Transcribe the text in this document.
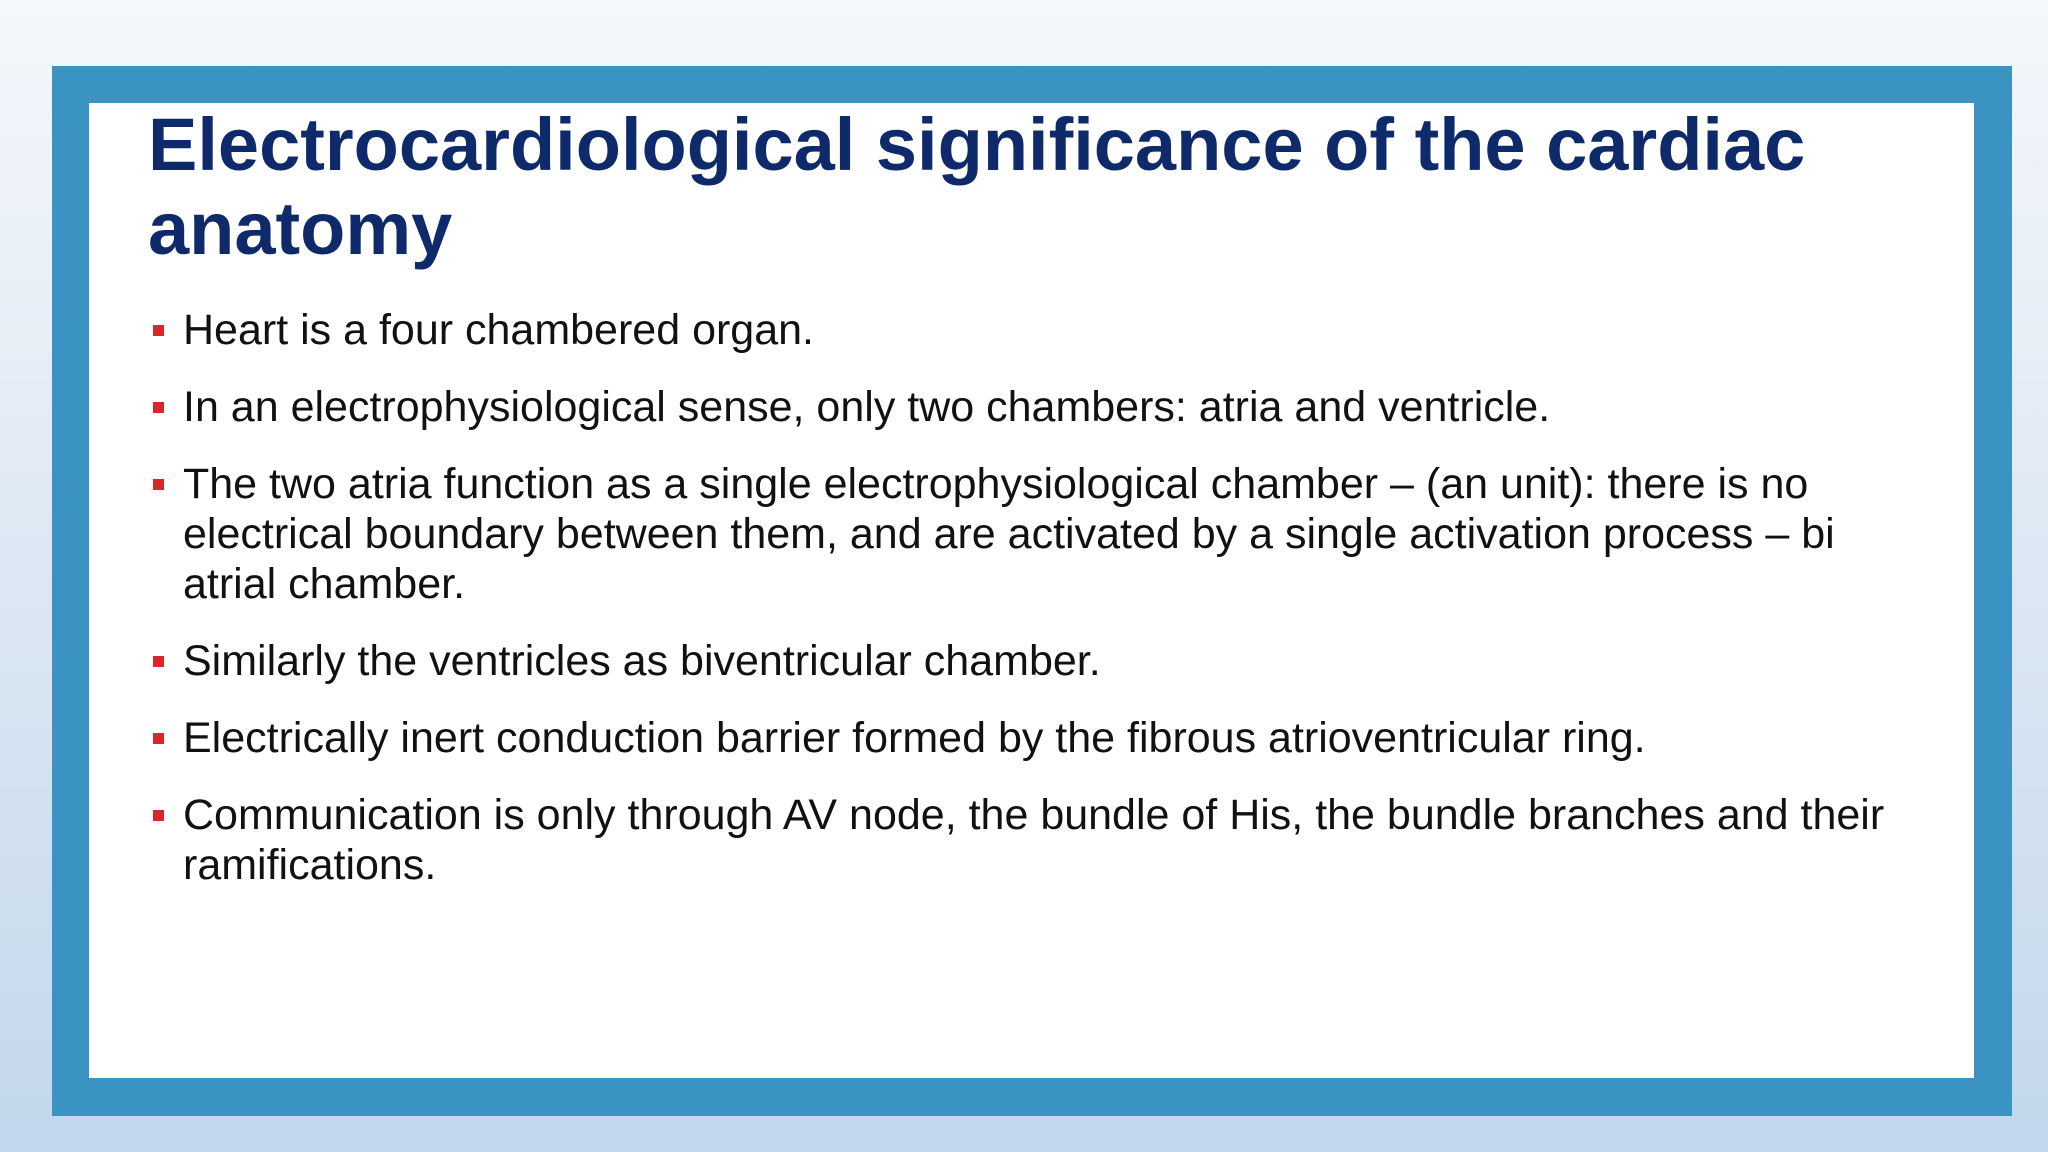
Electrocardiological significance of the cardiac anatomy
Heart is a four chambered organ.
In an electrophysiological sense, only two chambers: atria and ventricle.
The two atria function as a single electrophysiological chamber – (an unit): there is no electrical boundary between them, and are activated by a single activation process – bi atrial chamber.
Similarly the ventricles as biventricular chamber.
Electrically inert conduction barrier formed by the fibrous atrioventricular ring.
Communication is only through AV node, the bundle of His, the bundle branches and their ramifications.
